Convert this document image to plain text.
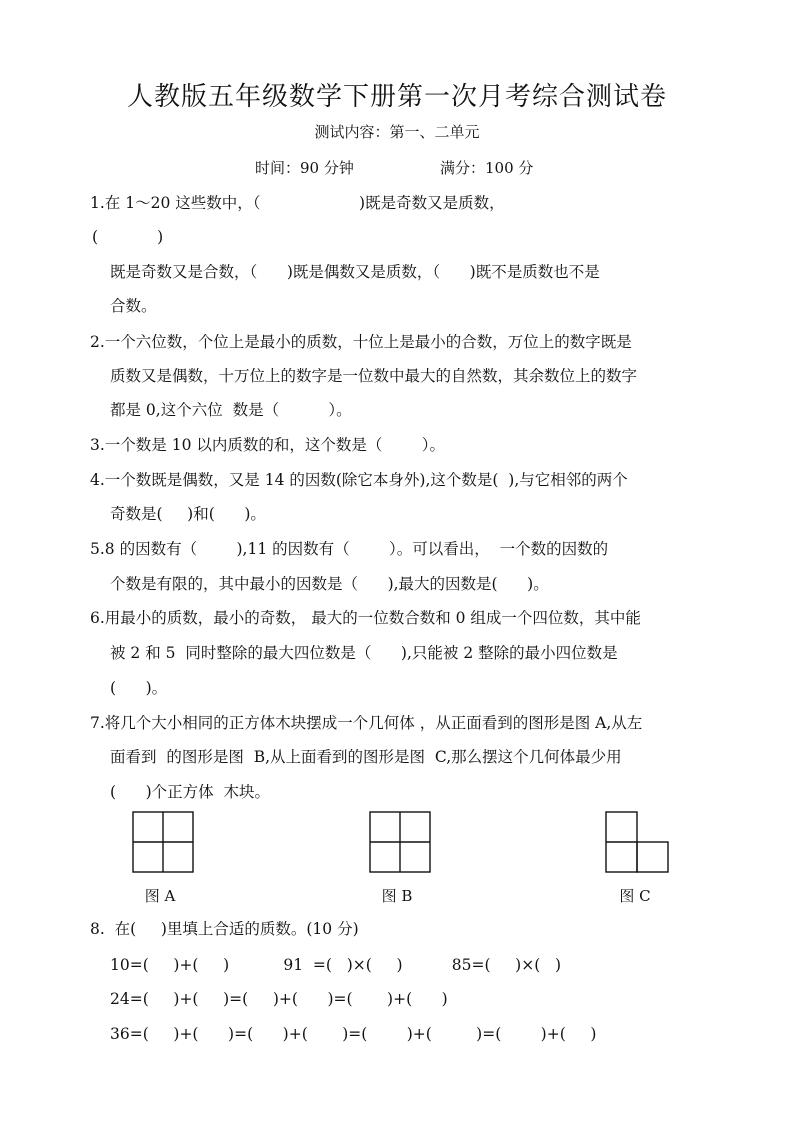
人教版五年级数学下册第一次月考综合测试卷
测试内容：第一、二单元
时间：90 分钟	满分：100 分
1.在 1～20 这些数中，（                    )既是奇数又是质数，
(            )
既是奇数又是合数，（      )既是偶数又是质数，（      )既不是质数也不是
合数。
2.一个六位数，个位上是最小的质数，十位上是最小的合数，万位上的数字既是
质数又是偶数，十万位上的数字是一位数中最大的自然数，其余数位上的数字
都是 0,这个六位  数是（          ）。
3.一个数是 10 以内质数的和，这个数是（        ）。
4.一个数既是偶数，又是 14 的因数(除它本身外),这个数是(  ),与它相邻的两个
奇数是(     )和(      )。
5.8 的因数有（        ),11 的因数有（        ）。可以看出，  一个数的因数的
个数是有限的，其中最小的因数是（      ),最大的因数是(      )。
6.用最小的质数，最小的奇数， 最大的一位数合数和 0 组成一个四位数，其中能
被 2 和 5  同时整除的最大四位数是（      ),只能被 2 整除的最小四位数是
(      )。
7.将几个大小相同的正方体木块摆成一个几何体 ，从正面看到的图形是图 A,从左
面看到  的图形是图  B,从上面看到的图形是图  C,那么摆这个几何体最少用
(      )个正方体  木块。
图 A	图 B	图 C
8.  在(     )里填上合适的质数。(10 分)
10=(     )+(     )           91  =(   )×(     )          85=(     )×(   )
24=(     )+(     )=(     )+(      )=(       )+(      )
36=(     )+(      )=(      )+(       )=(        )+(         )=(        )+(     )
